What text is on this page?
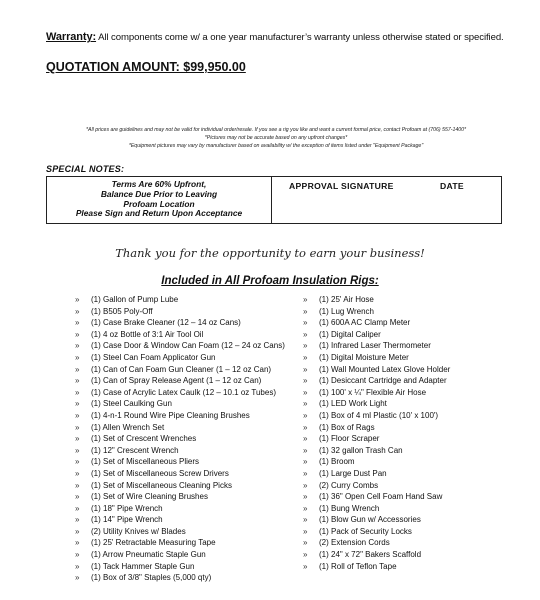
Warranty: All components come w/ a one year manufacturer’s warranty unless otherwise stated or specified.
QUOTATION AMOUNT: $99,950.00
*All prices are guidelines and may not be valid for individual order/resale. If you see a rig you like and want a current formal price, contact Profoam at (706) 557-1400*
*Pictures may not be accurate based on any upfront changes*
*Equipment pictures may vary by manufacturer based on availability w/ the exception of items listed under "Equipment Package"
SPECIAL NOTES:
Terms Are 60% Upfront,
Balance Due Prior to Leaving
Profoam Location
Please Sign and Return Upon Acceptance
APPROVAL SIGNATURE	DATE
Thank you for the opportunity to earn your business!
Included in All Profoam Insulation Rigs:
»	(1) Gallon of Pump Lube
»	(1) B505 Poly-Off
»	(1) Case Brake Cleaner (12 – 14 oz Cans)
»	(1) 4 oz Bottle of 3:1 Air Tool Oil
»	(1) Case Door & Window Can Foam (12 – 24 oz Cans)
»	(1) Steel Can Foam Applicator Gun
»	(1) Can of Can Foam Gun Cleaner (1 – 12 oz Can)
»	(1) Can of Spray Release Agent (1 – 12 oz Can)
»	(1) Case of Acrylic Latex Caulk (12 – 10.1 oz Tubes)
»	(1) Steel Caulking Gun
»	(1) 4-n-1 Round Wire Pipe Cleaning Brushes
»	(1) Allen Wrench Set
»	(1) Set of Crescent Wrenches
»	(1) 12" Crescent Wrench
»	(1) Set of Miscellaneous Pliers
»	(1) Set of Miscellaneous Screw Drivers
»	(1) Set of Miscellaneous Cleaning Picks
»	(1) Set of Wire Cleaning Brushes
»	(1) 18" Pipe Wrench
»	(1) 14" Pipe Wrench
»	(2) Utility Knives w/ Blades
»	(1) 25' Retractable Measuring Tape
»	(1) Arrow Pneumatic Staple Gun
»	(1) Tack Hammer Staple Gun
»	(1) Box of 3/8" Staples (5,000 qty)
»	(1) 25' Air Hose
»	(1) Lug Wrench
»	(1) 600A AC Clamp Meter
»	(1) Digital Caliper
»	(1) Infrared Laser Thermometer
»	(1) Digital Moisture Meter
»	(1) Wall Mounted Latex Glove Holder
»	(1) Desiccant Cartridge and Adapter
»	(1) 100' x ¼" Flexible Air Hose
»	(1) LED Work Light
»	(1) Box of 4 ml Plastic (10' x 100')
»	(1) Box of Rags
»	(1) Floor Scraper
»	(1) 32 gallon Trash Can
»	(1) Broom
»	(1) Large Dust Pan
»	(2) Curry Combs
»	(1) 36" Open Cell Foam Hand Saw
»	(1) Bung Wrench
»	(1) Blow Gun w/ Accessories
»	(1) Pack of Security Locks
»	(2) Extension Cords
»	(1) 24" x 72" Bakers Scaffold
»	(1) Roll of Teflon Tape
